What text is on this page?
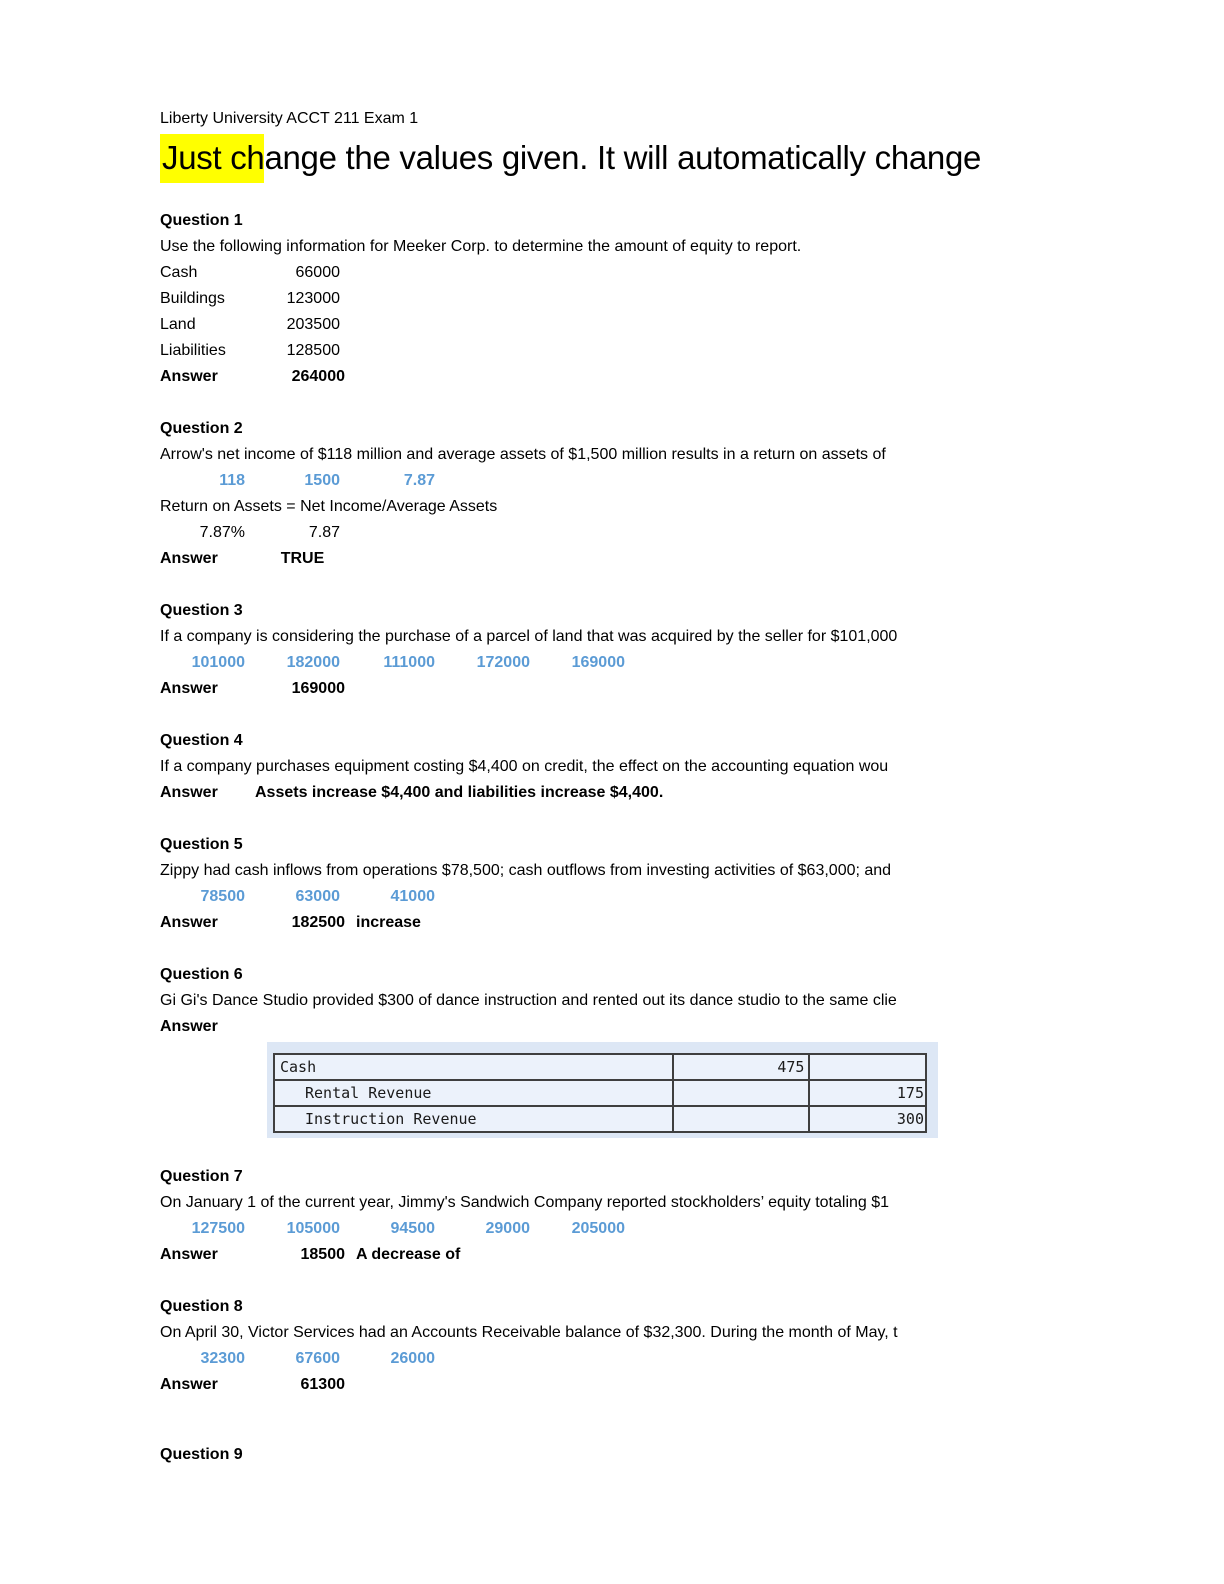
Liberty University ACCT 211 Exam 1
Just change the values given. It will automatically change
Question 1
Use the following information for Meeker Corp. to determine the amount of equity to report.
Cash	66000
Buildings	123000
Land	203500
Liabilities	128500
Answer	264000
Question 2
Arrow's net income of $118 million and average assets of $1,500 million results in a return on assets of
118	1500	7.87
Return on Assets = Net Income/Average Assets
7.87%	7.87
Answer	TRUE
Question 3
If a company is considering the purchase of a parcel of land that was acquired by the seller for $101,000
101000	182000	111000	172000	169000
Answer	169000
Question 4
If a company purchases equipment costing $4,400 on credit, the effect on the accounting equation wou
Answer	Assets increase $4,400 and liabilities increase $4,400.
Question 5
Zippy had cash inflows from operations $78,500; cash outflows from investing activities of $63,000; and
78500	63000	41000
Answer	182500 increase
Question 6
Gi Gi's Dance Studio provided $300 of dance instruction and rented out its dance studio to the same clie
Answer
Cash	475	
Rental Revenue		175
Instruction Revenue		300
Question 7
On January 1 of the current year, Jimmy's Sandwich Company reported stockholders’ equity totaling $1
127500	105000	94500	29000	205000
Answer	18500 A decrease of
Question 8
On April 30, Victor Services had an Accounts Receivable balance of $32,300. During the month of May, t
32300	67600	26000
Answer	61300
Question 9
